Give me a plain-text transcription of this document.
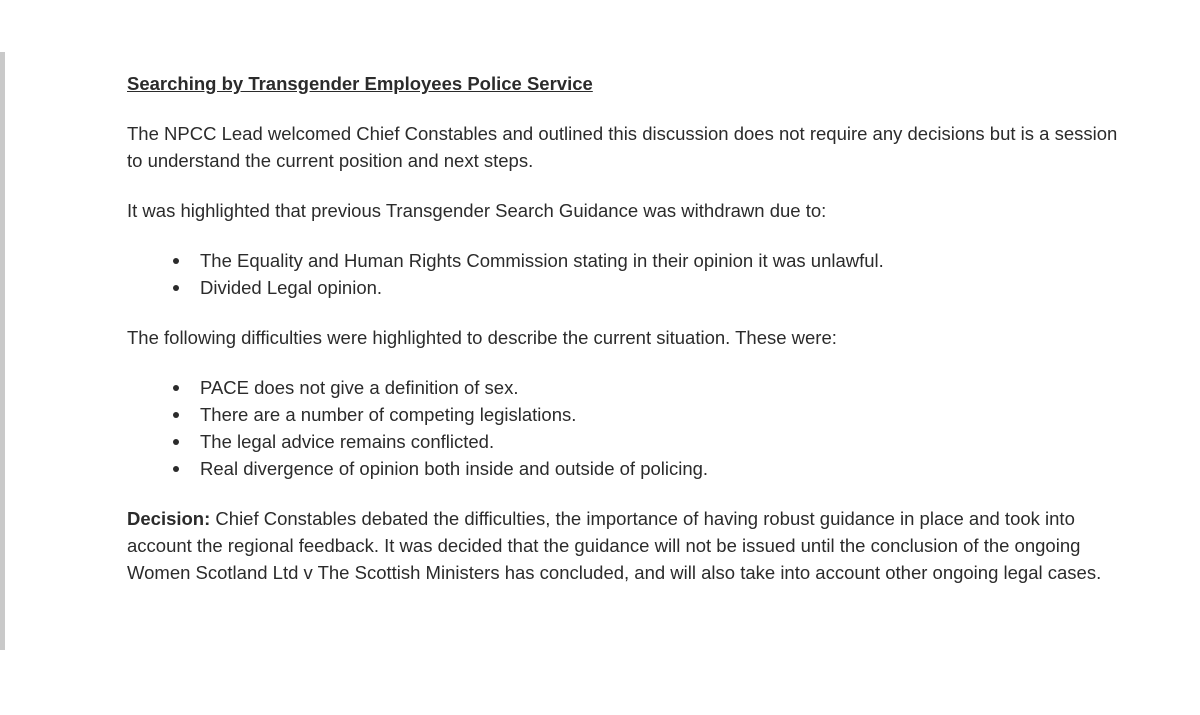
Searching by Transgender Employees Police Service
The NPCC Lead welcomed Chief Constables and outlined this discussion does not require any decisions but is a session to understand the current position and next steps.
It was highlighted that previous Transgender Search Guidance was withdrawn due to:
The Equality and Human Rights Commission stating in their opinion it was unlawful.
Divided Legal opinion.
The following difficulties were highlighted to describe the current situation. These were:
PACE does not give a definition of sex.
There are a number of competing legislations.
The legal advice remains conflicted.
Real divergence of opinion both inside and outside of policing.
Decision: Chief Constables debated the difficulties, the importance of having robust guidance in place and took into account the regional feedback. It was decided that the guidance will not be issued until the conclusion of the ongoing Women Scotland Ltd v The Scottish Ministers has concluded, and will also take into account other ongoing legal cases.
